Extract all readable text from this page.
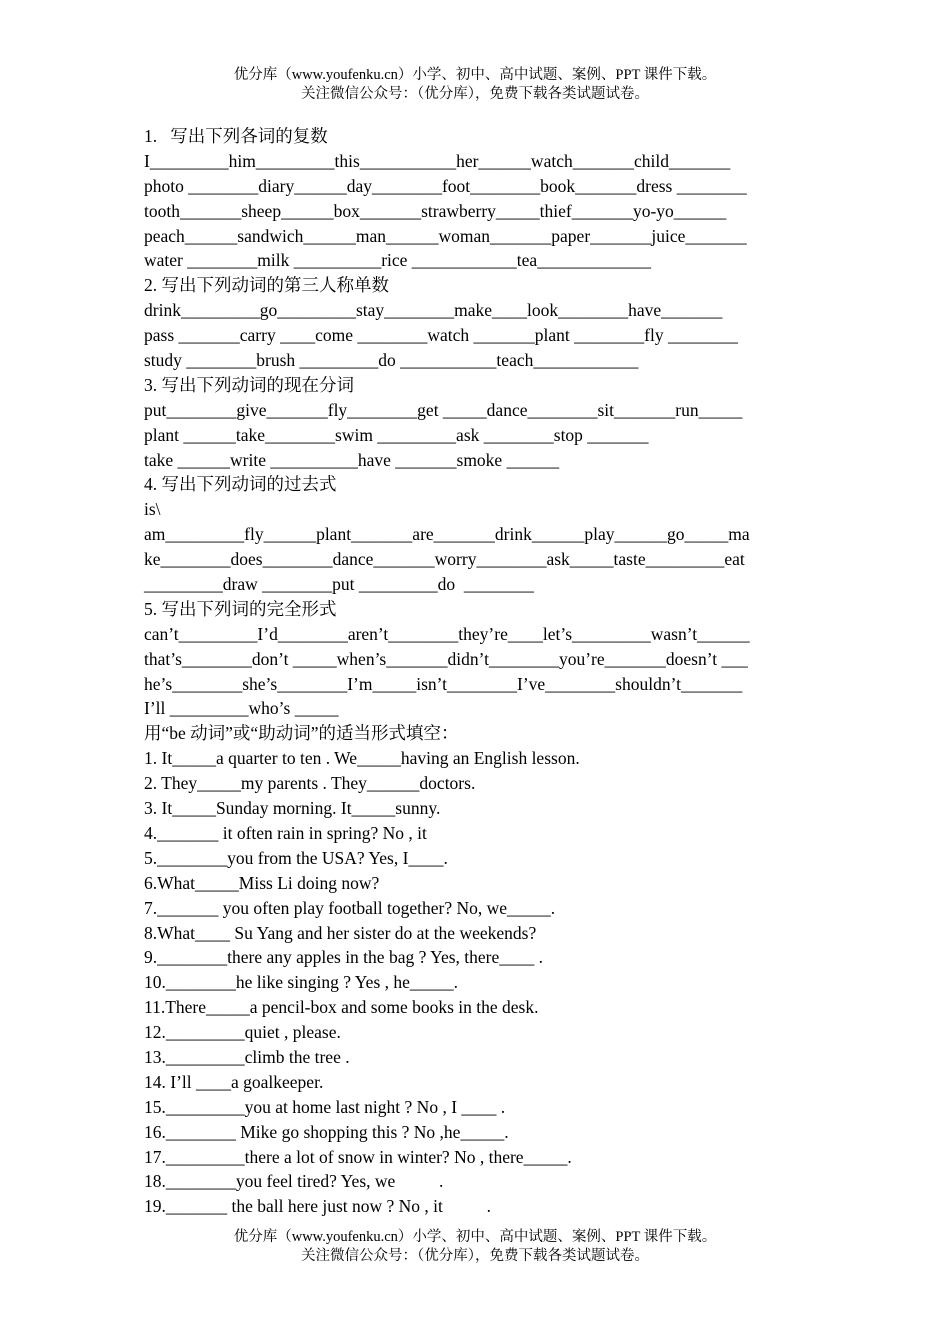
优分库（www.youfenku.cn）小学、初中、高中试题、案例、PPT 课件下载。
关注微信公众号：（优分库），免费下载各类试题试卷。
1.   写出下列各词的复数
I_________him_________this___________her______watch_______child_______
photo ________diary______day________foot________book_______dress ________
tooth_______sheep______box_______strawberry_____thief_______yo-yo______
peach______sandwich______man______woman_______paper_______juice_______
water ________milk __________rice ____________tea_____________
2. 写出下列动词的第三人称单数
drink_________go_________stay________make____look________have_______
pass _______carry ____come ________watch _______plant ________fly ________
study ________brush _________do ___________teach____________
3. 写出下列动词的现在分词
put________give_______fly________get _____dance________sit_______run_____
plant ______take________swim _________ask ________stop _______
take ______write __________have _______smoke ______
4. 写出下列动词的过去式
is\
am_________fly______plant_______are_______drink______play______go_____ma
ke________does________dance_______worry________ask_____taste_________eat
_________draw ________put _________do  ________
5. 写出下列词的完全形式
can’t_________I’d________aren’t________they’re____let’s_________wasn’t______
that’s________don’t _____when’s_______didn’t________you’re_______doesn’t ___
he’s________she’s________I’m_____isn’t________I’ve________shouldn’t_______
I’ll _________who’s _____
用“be 动词”或“助动词”的适当形式填空：
1. It_____a quarter to ten . We_____having an English lesson.
2. They_____my parents . They______doctors.
3. It_____Sunday morning. It_____sunny.
4._______ it often rain in spring? No , it
5.________you from the USA? Yes, I____.
6.What_____Miss Li doing now?
7._______ you often play football together? No, we_____.
8.What____ Su Yang and her sister do at the weekends?
9.________there any apples in the bag ? Yes, there____ .
10.________he like singing ? Yes , he_____.
11.There_____a pencil-box and some books in the desk.
12._________quiet , please.
13._________climb the tree .
14. I’ll ____a goalkeeper.
15._________you at home last night ? No , I ____ .
16.________ Mike go shopping this ? No ,he_____.
17._________there a lot of snow in winter? No , there_____.
18.________you feel tired? Yes, we          .
19._______ the ball here just now ? No , it          .
优分库（www.youfenku.cn）小学、初中、高中试题、案例、PPT 课件下载。
关注微信公众号：（优分库），免费下载各类试题试卷。
